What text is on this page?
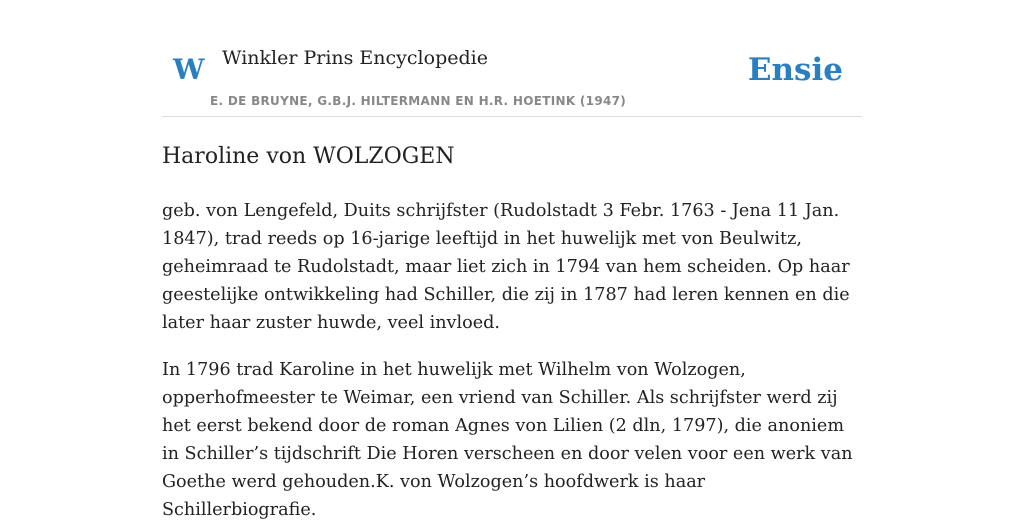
W Winkler Prins Encyclopedie
E. DE BRUYNE, G.B.J. HILTERMANN EN H.R. HOETINK (1947)
Ensie
Haroline von WOLZOGEN

geb. von Lengefeld, Duits schrijfster (Rudolstadt 3 Febr. 1763 - Jena 11 Jan. 1847), trad reeds op 16-jarige leeftijd in het huwelijk met von Beulwitz, geheimraad te Rudolstadt, maar liet zich in 1794 van hem scheiden. Op haar geestelijke ontwikkeling had Schiller, die zij in 1787 had leren kennen en die later haar zuster huwde, veel invloed.

In 1796 trad Karoline in het huwelijk met Wilhelm von Wolzogen, opperhofmeester te Weimar, een vriend van Schiller. Als schrijfster werd zij het eerst bekend door de roman Agnes von Lilien (2 dln, 1797), die anoniem in Schiller’s tijdschrift Die Horen verscheen en door velen voor een werk van Goethe werd gehouden.K. von Wolzogen’s hoofdwerk is haar Schillerbiografie.
